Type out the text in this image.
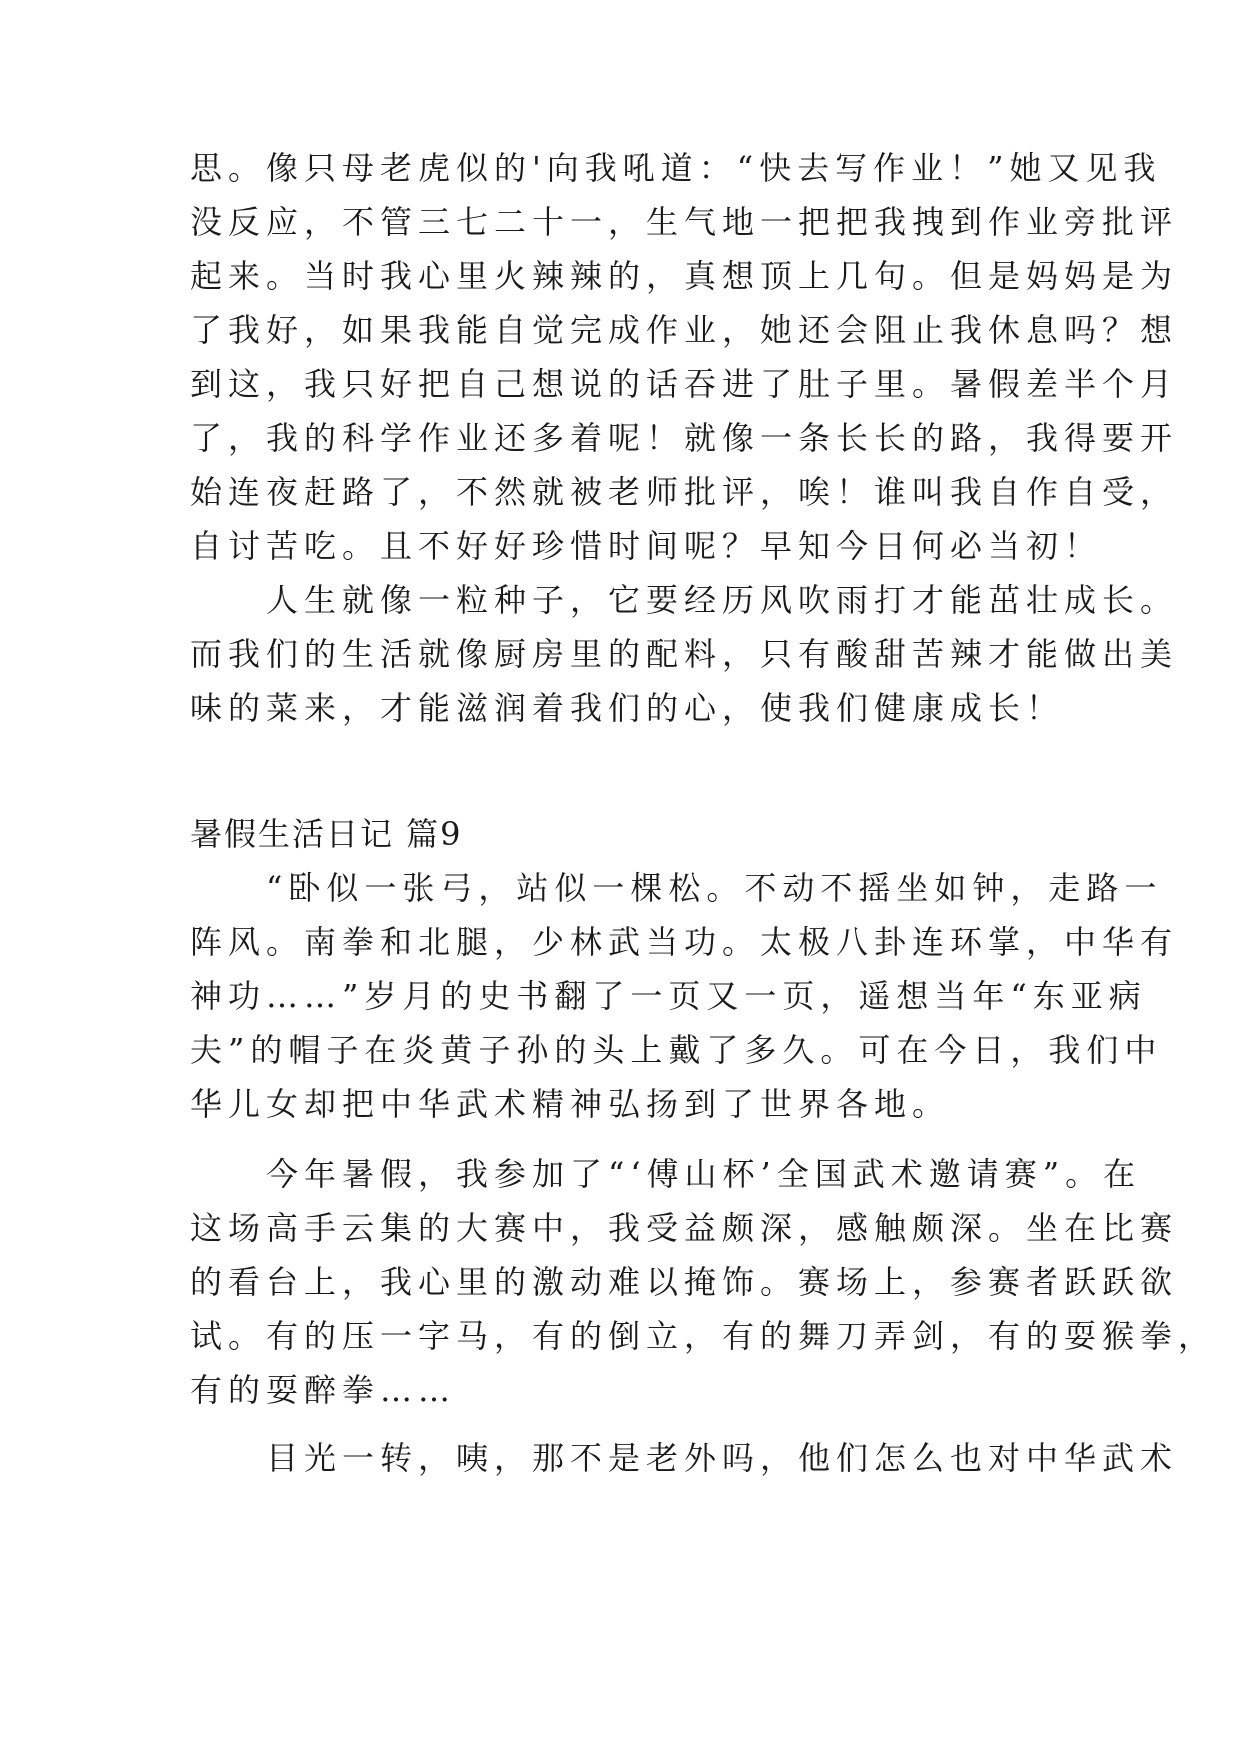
思。像只母老虎似的'向我吼道：“快去写作业！”她又见我
没反应，不管三七二十一，生气地一把把我拽到作业旁批评
起来。当时我心里火辣辣的，真想顶上几句。但是妈妈是为
了我好，如果我能自觉完成作业，她还会阻止我休息吗？想
到这，我只好把自己想说的话吞进了肚子里。暑假差半个月
了，我的科学作业还多着呢！就像一条长长的路，我得要开
始连夜赶路了，不然就被老师批评，唉！谁叫我自作自受，
自讨苦吃。且不好好珍惜时间呢？早知今日何必当初！
　　人生就像一粒种子，它要经历风吹雨打才能茁壮成长。
而我们的生活就像厨房里的配料，只有酸甜苦辣才能做出美
味的菜来，才能滋润着我们的心，使我们健康成长！
暑假生活日记 篇9
　　“卧似一张弓，站似一棵松。不动不摇坐如钟，走路一
阵风。南拳和北腿，少林武当功。太极八卦连环掌，中华有
神功……”岁月的史书翻了一页又一页，遥想当年“东亚病
夫”的帽子在炎黄子孙的头上戴了多久。可在今日，我们中
华儿女却把中华武术精神弘扬到了世界各地。
　　今年暑假，我参加了“‘傅山杯’全国武术邀请赛”。在
这场高手云集的大赛中，我受益颇深，感触颇深。坐在比赛
的看台上，我心里的激动难以掩饰。赛场上，参赛者跃跃欲
试。有的压一字马，有的倒立，有的舞刀弄剑，有的耍猴拳，
有的耍醉拳……
　　目光一转，咦，那不是老外吗，他们怎么也对中华武术
